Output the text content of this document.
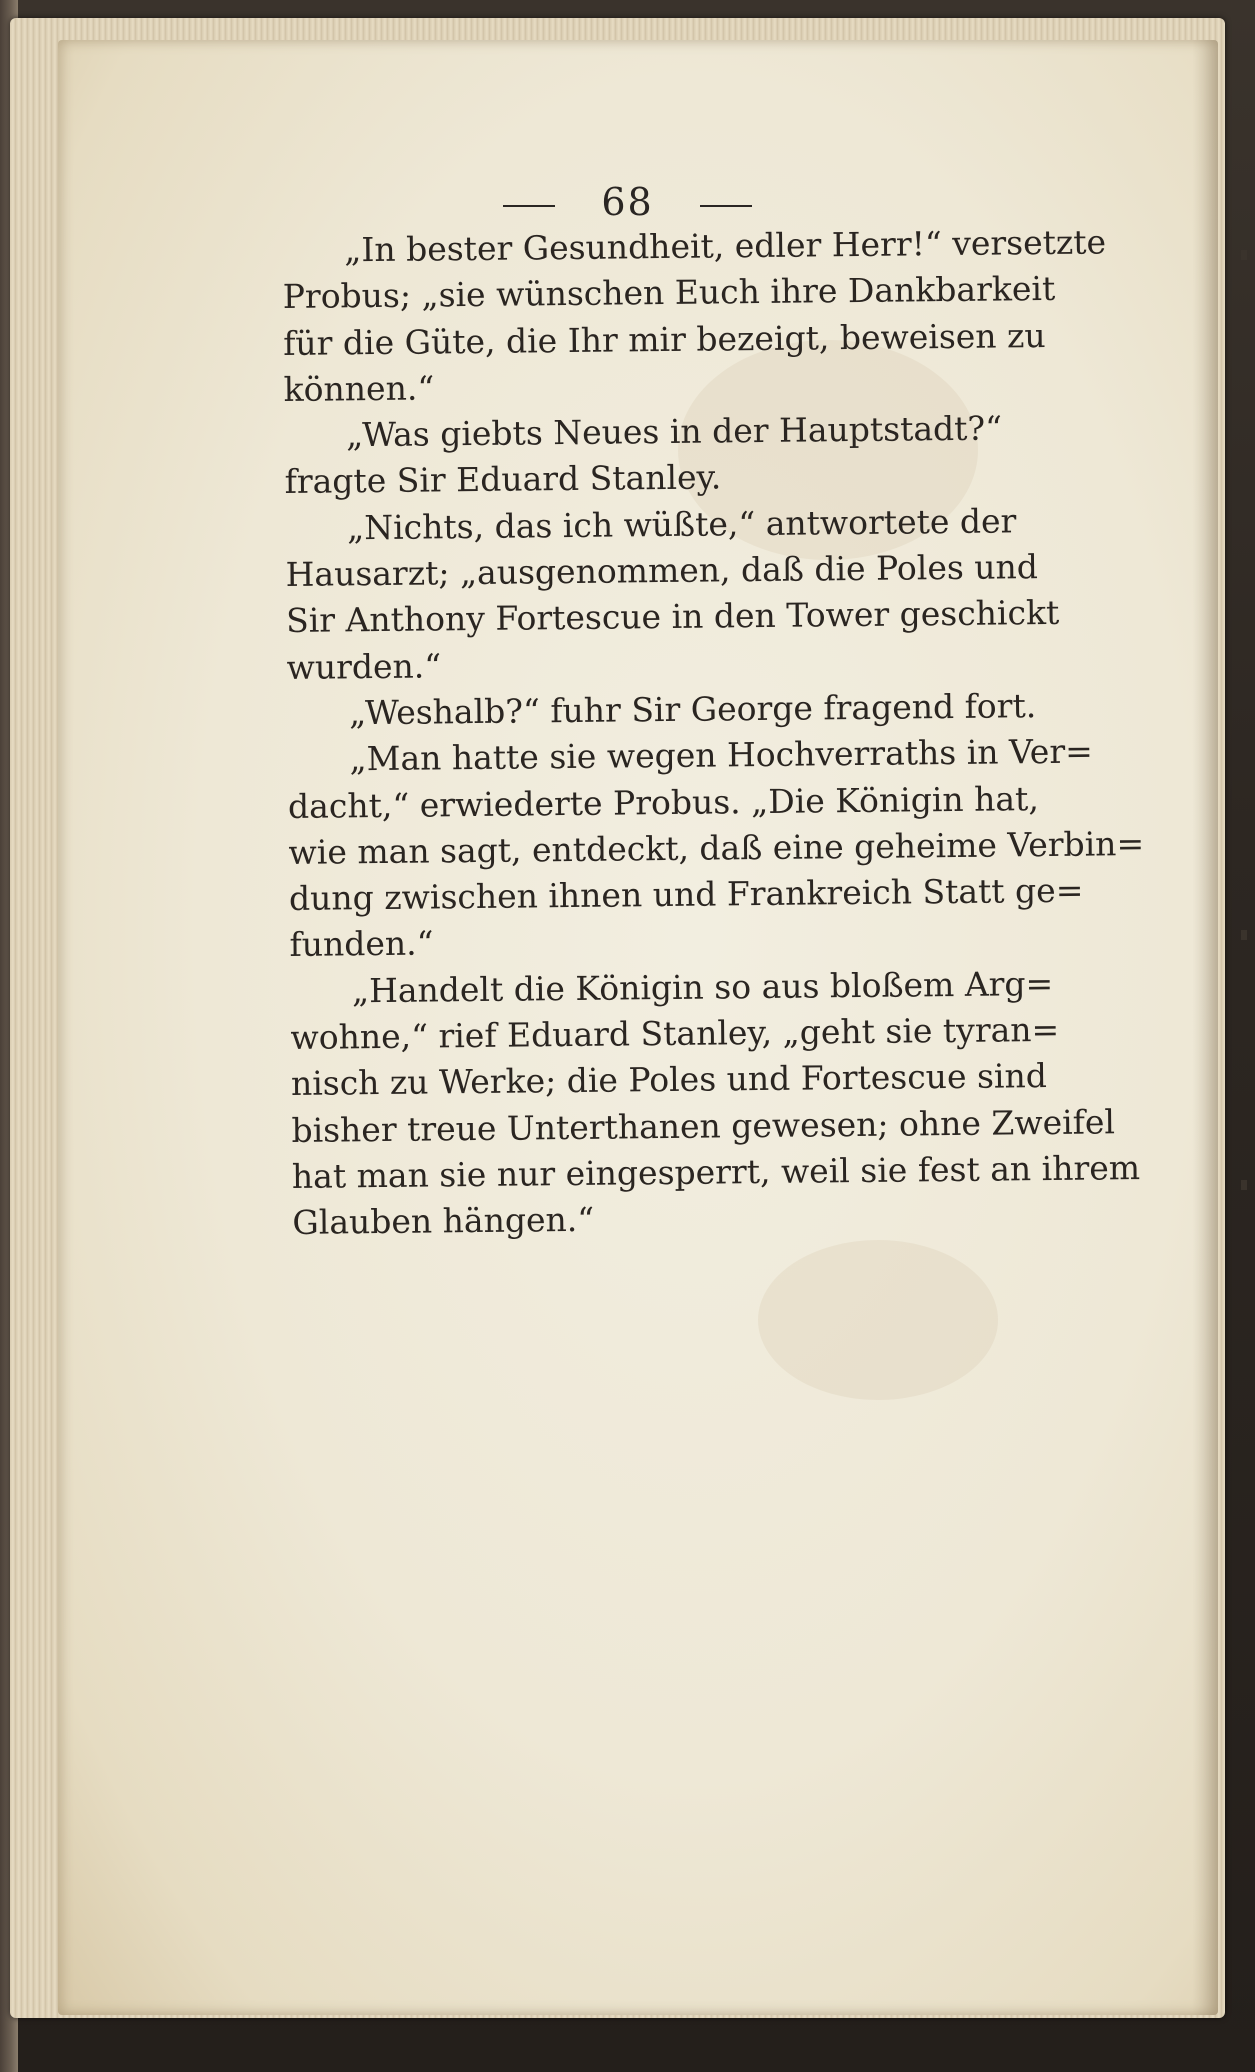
68
„In bester Gesundheit, edler Herr!“ versetzte
Probus; „sie wünschen Euch ihre Dankbarkeit
für die Güte, die Ihr mir bezeigt, beweisen zu
können.“
„Was giebts Neues in der Hauptstadt?“
fragte Sir Eduard Stanley.
„Nichts, das ich wüßte,“ antwortete der
Hausarzt; „ausgenommen, daß die Poles und
Sir Anthony Fortescue in den Tower geschickt
wurden.“
„Weshalb?“ fuhr Sir George fragend fort.
„Man hatte sie wegen Hochverraths in Ver=
dacht,“ erwiederte Probus. „Die Königin hat,
wie man sagt, entdeckt, daß eine geheime Verbin=
dung zwischen ihnen und Frankreich Statt ge=
funden.“
„Handelt die Königin so aus bloßem Arg=
wohne,“ rief Eduard Stanley, „geht sie tyran=
nisch zu Werke; die Poles und Fortescue sind
bisher treue Unterthanen gewesen; ohne Zweifel
hat man sie nur eingesperrt, weil sie fest an ihrem
Glauben hängen.“
